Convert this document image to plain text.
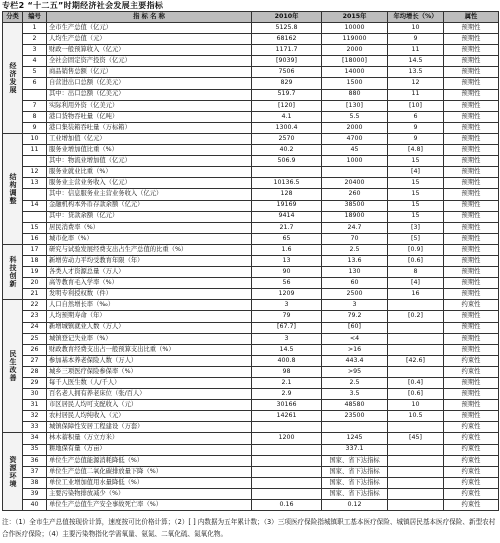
专栏2 “十二五”时期经济社会发展主要指标
分类	编号	指 标 名 称	2010年	2015年	年均增长（%）	属性
经济发展	1	全市生产总值（亿元）	5125.8	10000	10	预期性
	2	人均生产总值（元）	68162	119000	9	预期性
	3	财政一般预算收入（亿元）	1171.7	2000	11	预期性
	4	全社会固定资产投资（亿元）	[9039]	[18000]	14.5	预期性
	5	商品销售总额（亿元）	7506	14000	13.5	预期性
	6	自营进出口总额（亿美元）	829	1500	12	预期性
		其中：出口总额（亿美元）	519.7	880	11	预期性
	7	实际利用外资（亿美元）	[120]	[130]	[10]	预期性
	8	港口货物吞吐量（亿吨）	4.1	5.5	6	预期性
	9	港口集装箱吞吐量（万标箱）	1300.4	2000	9	预期性
结构调整	10	工业增加值（亿元）	2570	4700	9	预期性
	11	服务业增加值比重（%）	40.2	45	[4.8]	预期性
		其中：物流业增加值（亿元）	506.9	1000	15	预期性
	12	服务业就业比重（%）			[4]	预期性
	13	服务业主营业务收入（亿元）	10136.5	20400	15	预期性
		其中：信息服务业主营业务收入（亿元）	128	260	15	预期性
	14	金融机构本外币存款余额（亿元）	19169	38500	15	预期性
		其中：贷款余额（亿元）	9414	18900	15	预期性
	15	居民消费率（%）	21.7	24.7	[3]	预期性
	16	城市化率（%）	65	70	[5]	预期性
科技创新	17	研究与试验发展经费支出占生产总值的比重（%）	1.6	2.5	[0.9]	预期性
	18	新增劳动力平均受教育年限（年）	13	13.6	[0.6]	预期性
	19	各类人才资源总量（万人）	90	130	8	预期性
	20	高等教育毛入学率（%）	56	60	[4]	预期性
	21	发明专利授权数（件）	1209	2500	16	预期性
民生改善	22	人口自然增长率（‰）	3	3		约束性
	23	人均预期寿命（年）	79	79.2	[0.2]	预期性
	24	新增城镇就业人数（万人）	[67.7]	[60]		预期性
	25	城镇登记失业率（%）	3	<4		预期性
	26	财政教育经费支出占一般预算支出比重（%）	14.5	>16		预期性
	27	参加基本养老保险人数（万人）	400.8	443.4	[42.6]	约束性
	28	城乡三项医疗保险参保率（%）	98	>95		约束性
	29	每千人医生数（人/千人）	2.1	2.5	[0.4]	预期性
	30	百名老人拥有养老床位（张/百人）	2.9	3.5	[0.6]	预期性
	31	市区居民人均可支配收入（元）	30166	48580	10	预期性
	32	农村居民人均纯收入（元）	14261	23500	10.5	预期性
	33	城镇保障性安居工程建设（万套）				约束性
资源环境	34	林木蓄积量（万立方米）	1200	1245	[45]	约束性
	35	耕地保有量（万亩）		337.1		约束性
	36	单位生产总值能源消耗降低（%）		国家、省下达指标		约束性
	37	单位生产总值二氧化碳排放量下降（%）		国家、省下达指标		约束性
	38	单位工业增加值用水量降低（%）		国家、省下达指标		约束性
	39	主要污染物排放减少（%）		国家、省下达指标		约束性
	40	单位生产总值生产安全事故死亡率（%）	0.16	0.12		约束性
注：（1）全市生产总值按现价计算，速度按可比价格计算；（2）[ ] 内数据为五年累计数；（3）三项医疗保险指城镇职工基本医疗保险、城镇居民基本医疗保险、新型农村合作医疗保险；（4）主要污染物指化学需氧量、氨氮、二氧化硫、氮氧化物。
